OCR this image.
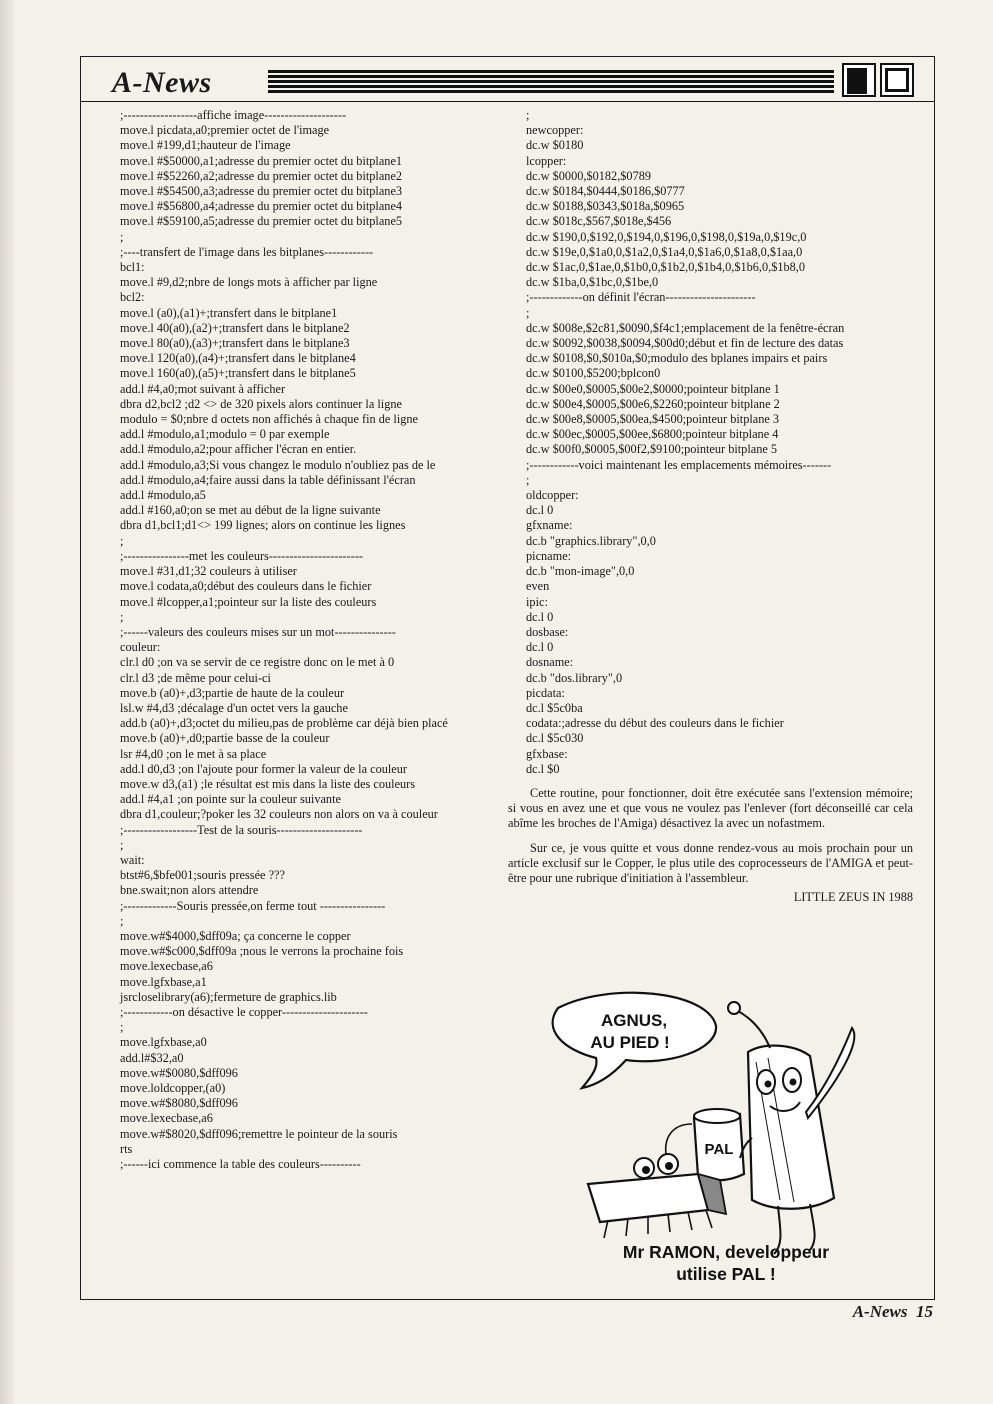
A-News
;------------------affiche image--------------------
move.l picdata,a0;premier octet de l'image
move.l #199,d1;hauteur de l'image
move.l #$50000,a1;adresse du premier octet du bitplane1
move.l #$52260,a2;adresse du premier octet du bitplane2
move.l #$54500,a3;adresse du premier octet du bitplane3
move.l #$56800,a4;adresse du premier octet du bitplane4
move.l #$59100,a5;adresse du premier octet du bitplane5
;
;----transfert de l'image dans les bitplanes------------
bcl1:
move.l #9,d2;nbre de longs mots à afficher par ligne
bcl2:
move.l (a0),(a1)+;transfert dans le bitplane1
move.l 40(a0),(a2)+;transfert dans le bitplane2
move.l 80(a0),(a3)+;transfert dans le bitplane3
move.l 120(a0),(a4)+;transfert dans le bitplane4
move.l 160(a0),(a5)+;transfert dans le bitplane5
add.l #4,a0;mot suivant à afficher
dbra d2,bcl2 ;d2 <> de 320 pixels alors continuer la ligne
modulo = $0;nbre d octets non affichés à chaque fin de ligne
add.l #modulo,a1;modulo = 0 par exemple
add.l #modulo,a2;pour afficher l'écran en entier.
add.l #modulo,a3;Si vous changez le modulo n'oubliez pas de le
add.l #modulo,a4;faire aussi dans la table définissant l'écran
add.l #modulo,a5
add.l #160,a0;on se met au début de la ligne suivante
dbra d1,bcl1;d1<> 199 lignes; alors on continue les lignes
;
;----------------met les couleurs-----------------------
move.l #31,d1;32 couleurs à utiliser
move.l codata,a0;début des couleurs dans le fichier
move.l #lcopper,a1;pointeur sur la liste des couleurs
;
;------valeurs des couleurs mises sur un mot---------------
couleur:
clr.l d0 ;on va se servir de ce registre donc on le met à 0
clr.l d3 ;de même pour celui-ci
move.b (a0)+,d3;partie de haute de la couleur
lsl.w #4,d3 ;décalage d'un octet vers la gauche
add.b (a0)+,d3;octet du milieu,pas de problème car déjà bien placé
move.b (a0)+,d0;partie basse de la couleur
lsr #4,d0 ;on le met à sa place
add.l d0,d3 ;on l'ajoute pour former la valeur de la couleur
move.w d3,(a1) ;le résultat est mis dans la liste des couleurs
add.l #4,a1 ;on pointe sur la couleur suivante
dbra d1,couleur;?poker les 32 couleurs non alors on va à couleur
;------------------Test de la souris---------------------
;
wait:
btst#6,$bfe001;souris pressée ???
bne.swait;non alors attendre
;-------------Souris pressée,on ferme tout ----------------
;
move.w#$4000,$dff09a; ça concerne le copper
move.w#$c000,$dff09a ;nous le verrons la prochaine fois
move.lexecbase,a6
move.lgfxbase,a1
jsrcloselibrary(a6);fermeture de graphics.lib
;------------on désactive le copper---------------------
;
move.lgfxbase,a0
add.l#$32,a0
move.w#$0080,$dff096
move.loldcopper,(a0)
move.w#$8080,$dff096
move.lexecbase,a6
move.w#$8020,$dff096;remettre le pointeur de la souris
rts
;------ici commence la table des couleurs----------
;
newcopper:
dc.w $0180
lcopper:
dc.w $0000,$0182,$0789
dc.w $0184,$0444,$0186,$0777
dc.w $0188,$0343,$018a,$0965
dc.w $018c,$567,$018e,$456
dc.w $190,0,$192,0,$194,0,$196,0,$198,0,$19a,0,$19c,0
dc.w $19e,0,$1a0,0,$1a2,0,$1a4,0,$1a6,0,$1a8,0,$1aa,0
dc.w $1ac,0,$1ae,0,$1b0,0,$1b2,0,$1b4,0,$1b6,0,$1b8,0
dc.w $1ba,0,$1bc,0,$1be,0
;-------------on définit l'écran----------------------
;
dc.w $008e,$2c81,$0090,$f4c1;emplacement de la fenêtre-écran
dc.w $0092,$0038,$0094,$00d0;début et fin de lecture des datas
dc.w $0108,$0,$010a,$0;modulo des bplanes impairs et pairs
dc.w $0100,$5200;bplcon0
dc.w $00e0,$0005,$00e2,$0000;pointeur bitplane 1
dc.w $00e4,$0005,$00e6,$2260;pointeur bitplane 2
dc.w $00e8,$0005,$00ea,$4500;pointeur bitplane 3
dc.w $00ec,$0005,$00ee,$6800;pointeur bitplane 4
dc.w $00f0,$0005,$00f2,$9100;pointeur bitplane 5
;------------voici maintenant les emplacements mémoires-------
;
oldcopper:
dc.l 0
gfxname:
dc.b "graphics.library",0,0
picname:
dc.b "mon-image",0,0
even
ipic:
dc.l 0
dosbase:
dc.l 0
dosname:
dc.b "dos.library",0
picdata:
dc.l $5c0ba
codata:;adresse du début des couleurs dans le fichier
dc.l $5c030
gfxbase:
dc.l $0
Cette routine, pour fonctionner, doit être exécutée sans l'extension mémoire; si vous en avez une et que vous ne voulez pas l'enlever (fort déconseillé car cela abîme les broches de l'Amiga) désactivez la avec un nofastmem.
Sur ce, je vous quitte et vous donne rendez-vous au mois prochain pour un article exclusif sur le Copper, le plus utile des coprocesseurs de l'AMIGA et peut-être pour une rubrique d'initiation à l'assembleur.
LITTLE ZEUS IN 1988
AGNUS,
AU PIED !
PAL
Mr RAMON, developpeur
utilise PAL !
A-News 15
